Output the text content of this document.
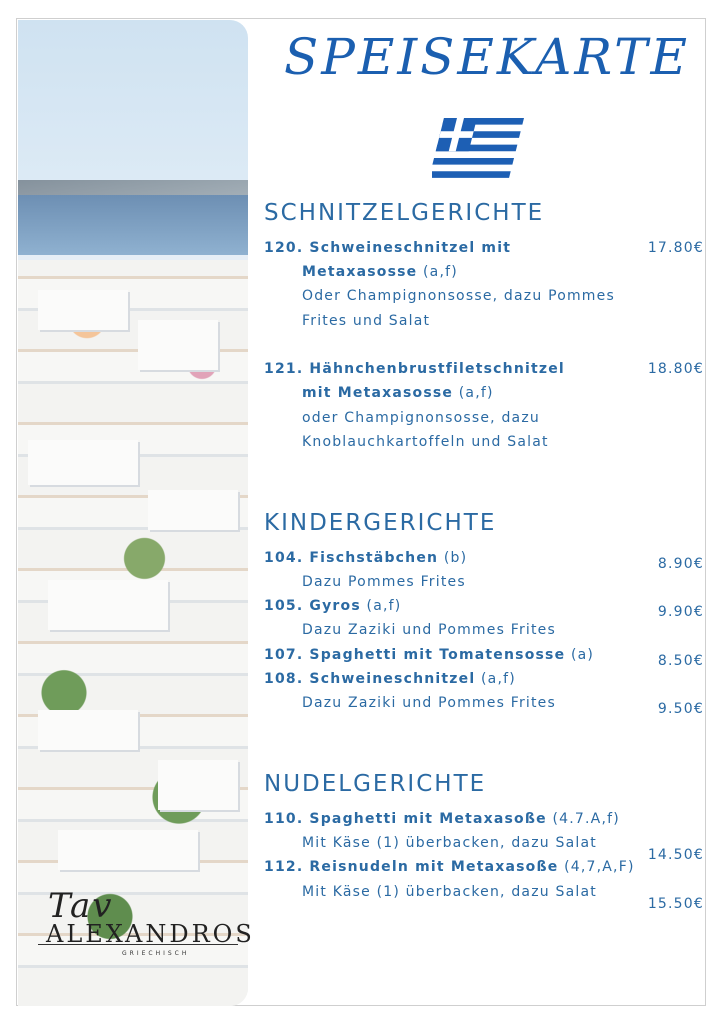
Tav
ALEXANDROS
GRIECHISCH
SPEISEKARTE
SCHNITZELGERICHTE
120. Schweineschnitzel mit
Metaxasosse (a,f)
Oder Champignonsosse, dazu Pommes
Frites und Salat
17.80€
121. Hähnchenbrustfiletschnitzel
mit Metaxasosse (a,f)
oder Champignonsosse, dazu
Knoblauchkartoffeln und Salat
18.80€
KINDERGERICHTE
104. Fischstäbchen (b)
Dazu Pommes Frites
8.90€
105. Gyros (a,f)
Dazu Zaziki und Pommes Frites
9.90€
107. Spaghetti mit Tomatensosse (a)	8.50€
108. Schweineschnitzel (a,f)
Dazu Zaziki und Pommes Frites	9.50€
NUDELGERICHTE
110. Spaghetti mit Metaxasoße (4.7.A,f)
Mit Käse (1) überbacken, dazu Salat
14.50€
112. Reisnudeln mit Metaxasoße (4,7,A,F)
Mit Käse (1) überbacken, dazu Salat
15.50€
